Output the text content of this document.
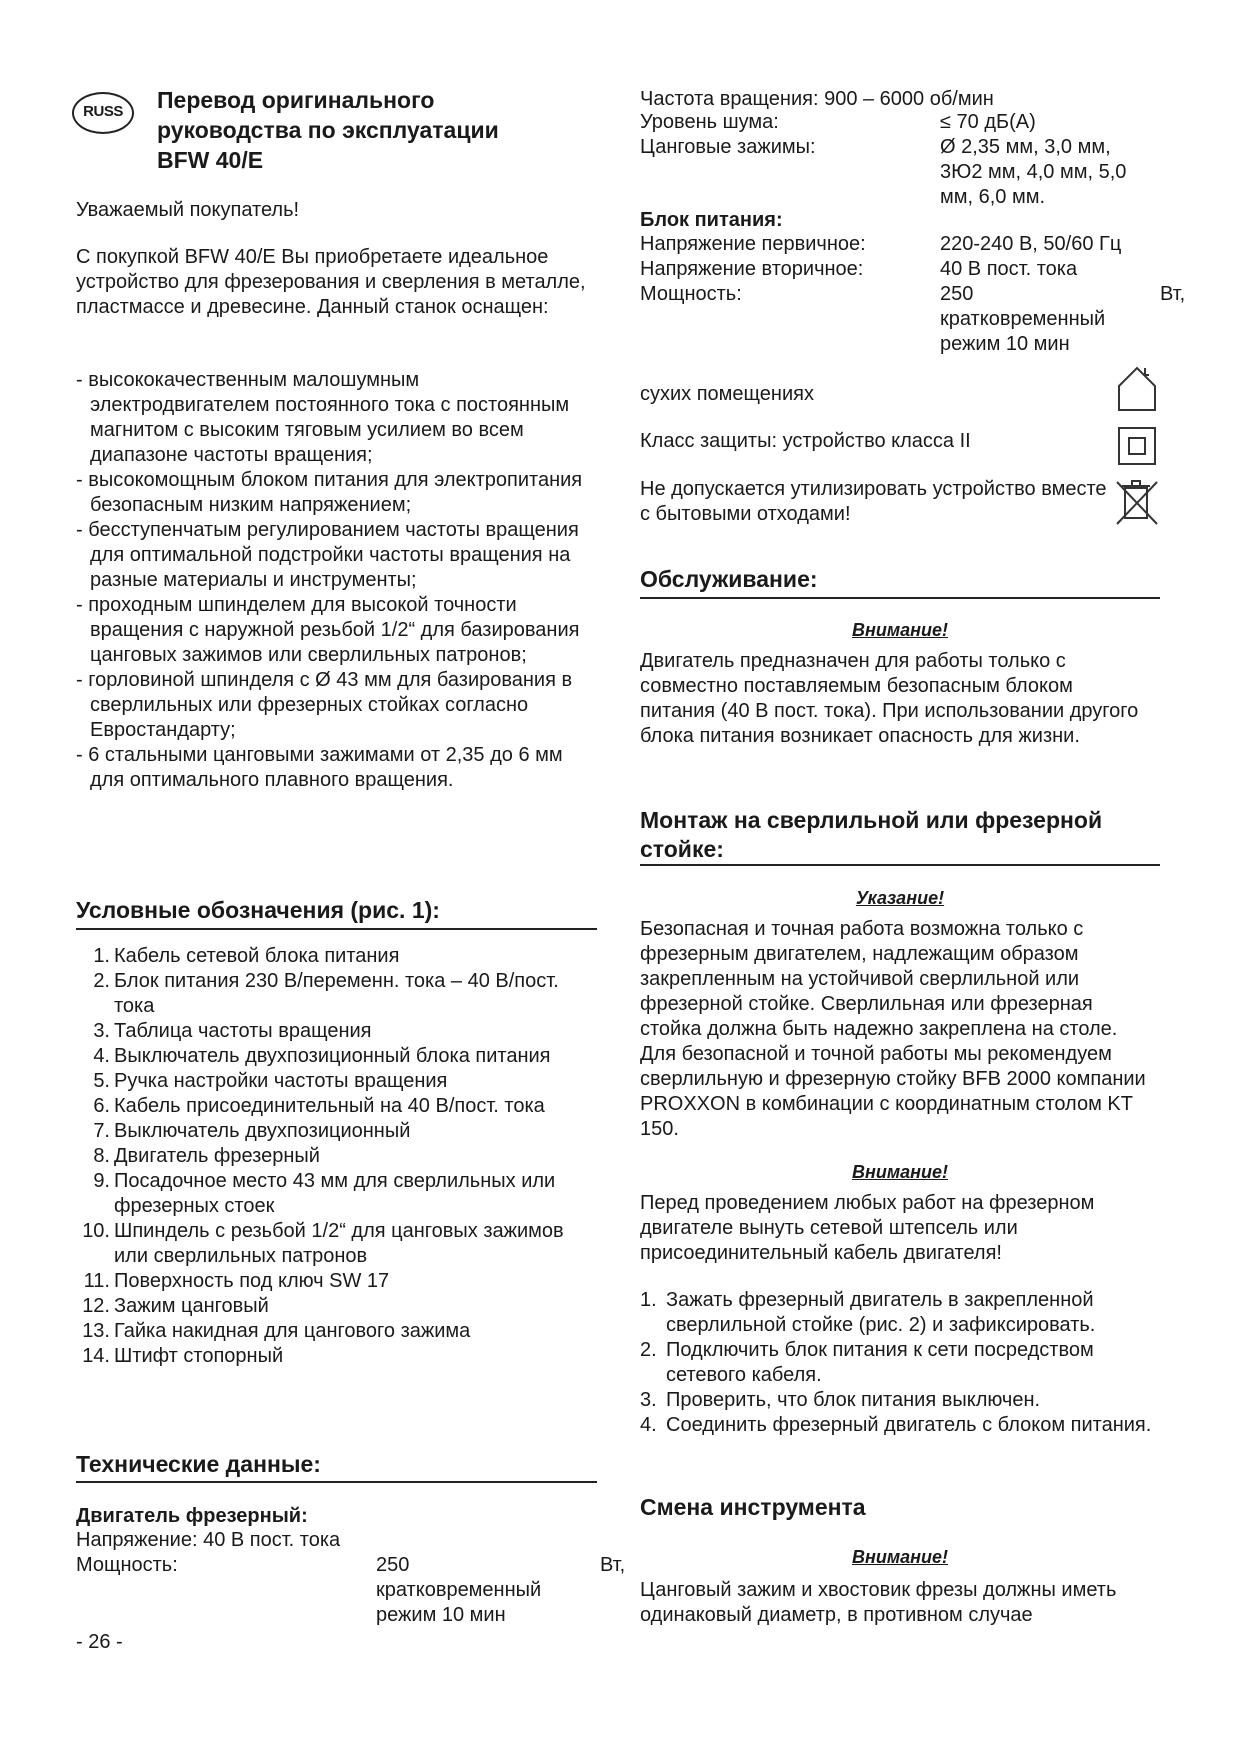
RUSS	Перевод оригинального
руководства по эксплуатации
BFW 40/E

Уважаемый покупатель!

С покупкой BFW 40/E Вы приобретаете идеальное устройство для фрезерования и сверления в металле, пластмассе и древесине. Данный станок оснащен:

- высококачественным малошумным электродвигателем постоянного тока с постоянным магнитом с высоким тяговым усилием во всем диапазоне частоты вращения;
- высокомощным блоком питания для электропитания безопасным низким напряжением;
- бесступенчатым регулированием частоты вращения для оптимальной подстройки частоты вращения на разные материалы и инструменты;
- проходным шпинделем для высокой точности вращения с наружной резьбой 1/2“ для базирования цанговых зажимов или сверлильных патронов;
- горловиной шпинделя с Ø 43 мм для базирования в сверлильных или фрезерных стойках согласно Евростандарту;
- 6 стальными цанговыми зажимами от 2,35 до 6 мм для оптимального плавного вращения.
Условные обозначения (рис. 1):
1. Кабель сетевой блока питания
2. Блок питания 230 В/переменн. тока – 40 В/пост. тока
3. Таблица частоты вращения
4. Выключатель двухпозиционный блока питания
5. Ручка настройки частоты вращения
6. Кабель присоединительный на 40 В/пост. тока
7. Выключатель двухпозиционный
8. Двигатель фрезерный
9. Посадочное место 43 мм для сверлильных или фрезерных стоек
10. Шпиндель с резьбой 1/2“ для цанговых зажимов или сверлильных патронов
11. Поверхность под ключ SW 17
12. Зажим цанговый
13. Гайка накидная для цангового зажима
14. Штифт стопорный
Технические данные:
Двигатель фрезерный:
Напряжение: 40 В пост. тока
Мощность:	250	Вт,
кратковременный
режим 10 мин
- 26 -
Частота вращения: 900 – 6000 об/мин
Уровень шума:	≤ 70 дБ(A)
Цанговые зажимы:	Ø 2,35 мм, 3,0 мм,
3Ю2 мм, 4,0 мм, 5,0
мм, 6,0 мм.
Блок питания:
Напряжение первичное:	220-240 В, 50/60 Гц
Напряжение вторичное:	40 В пост. тока
Мощность:	250	Вт,
кратковременный
режим 10 мин
сухих помещениях
Класс защиты: устройство класса II
Не допускается утилизировать устройство вместе с бытовыми отходами!
Обслуживание:
Внимание!

Двигатель предназначен для работы только с совместно поставляемым безопасным блоком питания (40 В пост. тока). При использовании другого блока питания возникает опасность для жизни.

Монтаж на сверлильной или фрезерной
стойке:
Указание!

Безопасная и точная работа возможна только с фрезерным двигателем, надлежащим образом закрепленным на устойчивой сверлильной или фрезерной стойке. Сверлильная или фрезерная стойка должна быть надежно закреплена на столе. Для безопасной и точной работы мы рекомендуем сверлильную и фрезерную стойку BFB 2000 компании PROXXON в комбинации с координатным столом KT 150.

Внимание!

Перед проведением любых работ на фрезерном двигателе вынуть сетевой штепсель или присоединительный кабель двигателя!

1. Зажать фрезерный двигатель в закрепленной сверлильной стойке (рис. 2) и зафиксировать.
2. Подключить блок питания к сети посредством сетевого кабеля.
3. Проверить, что блок питания выключен.
4. Соединить фрезерный двигатель с блоком питания.
Смена инструмента
Внимание!

Цанговый зажим и хвостовик фрезы должны иметь одинаковый диаметр, в противном случае
